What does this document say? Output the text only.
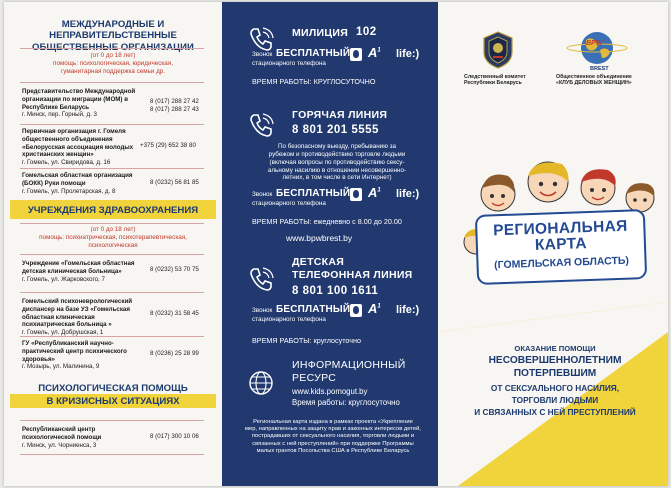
МЕЖДУНАРОДНЫЕ И НЕПРАВИТЕЛЬСТВЕННЫЕ
(от 0 до 18 лет)
помощь: психологическая, юридическая,
гуманитарная поддержка семьи др.
Представительство Международной организации по миграции (МОМ) в Республике Беларусь
г. Минск, пер. Горный, д. 3
8 (017) 288 27 42
8 (017) 288 27 43
Первичная организация г. Гомеля общественного объединения «Белорусская ассоциация молодых христианских женщин»
г. Гомель, ул. Свиридова, д. 16
+375 (29) 652 38 80
Гомельская областная организация (БОКК) Руки помощи
г. Гомель, ул. Пролетарская, д. 8
8 (0232) 56 81 85
УЧРЕЖДЕНИЯ ЗДРАВООХРАНЕНИЯ
(от 0 до 18 лет)
помощь: психиатрическая, психотерапевтическая,
психологическая
Учреждение «Гомельская областная детская клиническая больница»
г. Гомель, ул. Жарковского, 7
8 (0232) 53 70 75
Гомельский психоневрологический диспансер на базе УЗ «Гомельская областная клиническая психиатрическая больница »
г. Гомель, ул. Добрушская, 1
8 (0232) 31 58 45
ГУ «Республиканский научно-практический центр психического здоровья»
г. Мозырь, ул. Малинина, 9
8 (0236) 25 28 99
ПСИХОЛОГИЧЕСКАЯ ПОМОЩЬ
В КРИЗИСНЫХ СИТУАЦИЯХ
Республиканский центр психологической помощи
г. Минск, ул. Чорниенса, 3
8 (017) 300 10 06
МИЛИЦИЯ 102
Звонок БЕСПЛАТНЫЙ
стационарного телефона
$A^1$ life:)
ВРЕМЯ РАБОТЫ: КРУГЛОСУТОЧНО
ГОРЯЧАЯ ЛИНИЯ
8 801 201 5555
По безопасному выезду, пребыванию за
рубежом и противодействию торговле людьми
(включая вопросы по противодействию сексу-
альному насилию в отношении несовершенно-
летних, в том числе в сети Интернет)
Звонок БЕСПЛАТНЫЙ
стационарного телефона
$A^1$ life:)
ВРЕМЯ РАБОТЫ: ежедневно с 8.00 до 20.00
www.bpwbrest.by
ДЕТСКАЯ
ТЕЛЕФОННАЯ ЛИНИЯ
8 801 100 1611
Звонок БЕСПЛАТНЫЙ
стационарного телефона
$A^1$ life:)
ВРЕМЯ РАБОТЫ: круглосуточно
ИНФОРМАЦИОННЫЙ
РЕСУРС
www.kids.pomogut.by
Время работы: круглосуточно
Региональная карта издана в рамках проекта «Укрепление
мер, направленных на защиту прав и законных интересов детей,
пострадавших от сексуального насилия, торговли людьми и
связанных с ней преступлений» при поддержке Программы
малых грантов Посольства США в Республике Беларусь
Следственный комитет
Республики Беларусь
BPW
BREST
Общественное объединение
«КЛУБ ДЕЛОВЫХ ЖЕНЩИН»
РЕГИОНАЛЬНАЯ
КАРТА
(ГОМЕЛЬСКАЯ ОБЛАСТЬ)
ОКАЗАНИЕ ПОМОЩИ
НЕСОВЕРШЕННОЛЕТНИМ
ПОТЕРПЕВШИМ
ОТ СЕКСУАЛЬНОГО НАСИЛИЯ,
ТОРГОВЛИ ЛЮДЬМИ
И СВЯЗАННЫХ С НЕЙ ПРЕСТУПЛЕНИЙ
